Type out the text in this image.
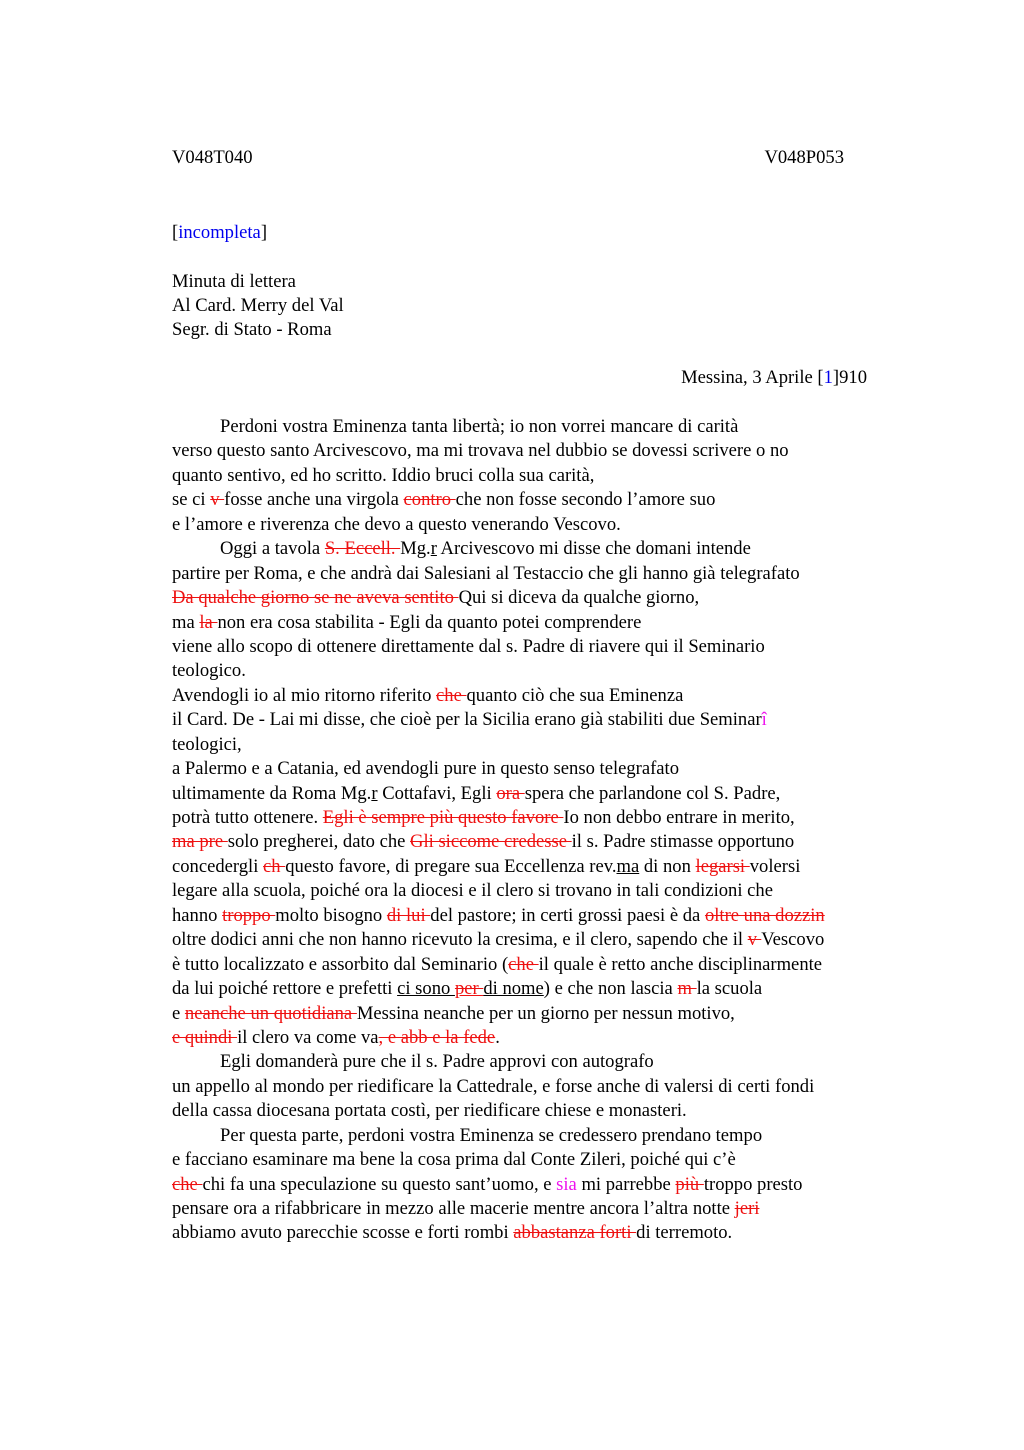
V048T040	V048P053
[incompleta]
Minuta di lettera
Al Card. Merry del Val
Segr. di Stato - Roma
Messina, 3 Aprile [1]910
Perdoni vostra Eminenza tanta libertà; io non vorrei mancare di carità
verso questo santo Arcivescovo, ma mi trovava nel dubbio se dovessi scrivere o no
quanto sentivo, ed ho scritto. Iddio bruci colla sua carità,
se ci v fosse anche una virgola contro che non fosse secondo l’amore suo
e l’amore e riverenza che devo a questo venerando Vescovo.
Oggi a tavola S. Eccell. Mg.r Arcivescovo mi disse che domani intende
partire per Roma, e che andrà dai Salesiani al Testaccio che gli hanno già telegrafato
Da qualche giorno se ne aveva sentito Qui si diceva da qualche giorno,
ma la non era cosa stabilita - Egli da quanto potei comprendere
viene allo scopo di ottenere direttamente dal s. Padre di riavere qui il Seminario
teologico.
Avendogli io al mio ritorno riferito che quanto ciò che sua Eminenza
il Card. De - Lai mi disse, che cioè per la Sicilia erano già stabiliti due Seminarî
teologici,
a Palermo e a Catania, ed avendogli pure in questo senso telegrafato
ultimamente da Roma Mg.r Cottafavi, Egli ora spera che parlandone col S. Padre,
potrà tutto ottenere. Egli è sempre più questo favore Io non debbo entrare in merito,
ma pre solo pregherei, dato che Gli siccome credesse il s. Padre stimasse opportuno
concedergli ch questo favore, di pregare sua Eccellenza rev.ma di non legarsi volersi
legare alla scuola, poiché ora la diocesi e il clero si trovano in tali condizioni che
hanno troppo molto bisogno di lui del pastore; in certi grossi paesi è da oltre una dozzin
oltre dodici anni che non hanno ricevuto la cresima, e il clero, sapendo che il v Vescovo
è tutto localizzato e assorbito dal Seminario (che il quale è retto anche disciplinarmente
da lui poiché rettore e prefetti ci sono per di nome) e che non lascia m la scuola
e neanche un quotidiana Messina neanche per un giorno per nessun motivo,
e quindi il clero va come va, e abb e la fede.
Egli domanderà pure che il s. Padre approvi con autografo
un appello al mondo per riedificare la Cattedrale, e forse anche di valersi di certi fondi
della cassa diocesana portata costì, per riedificare chiese e monasteri.
Per questa parte, perdoni vostra Eminenza se credessero prendano tempo
e facciano esaminare ma bene la cosa prima dal Conte Zileri, poiché qui c’è
che chi fa una speculazione su questo sant’uomo, e sia mi parrebbe più troppo presto
pensare ora a rifabbricare in mezzo alle macerie mentre ancora l’altra notte jeri
abbiamo avuto parecchie scosse e forti rombi abbastanza forti di terremoto.
